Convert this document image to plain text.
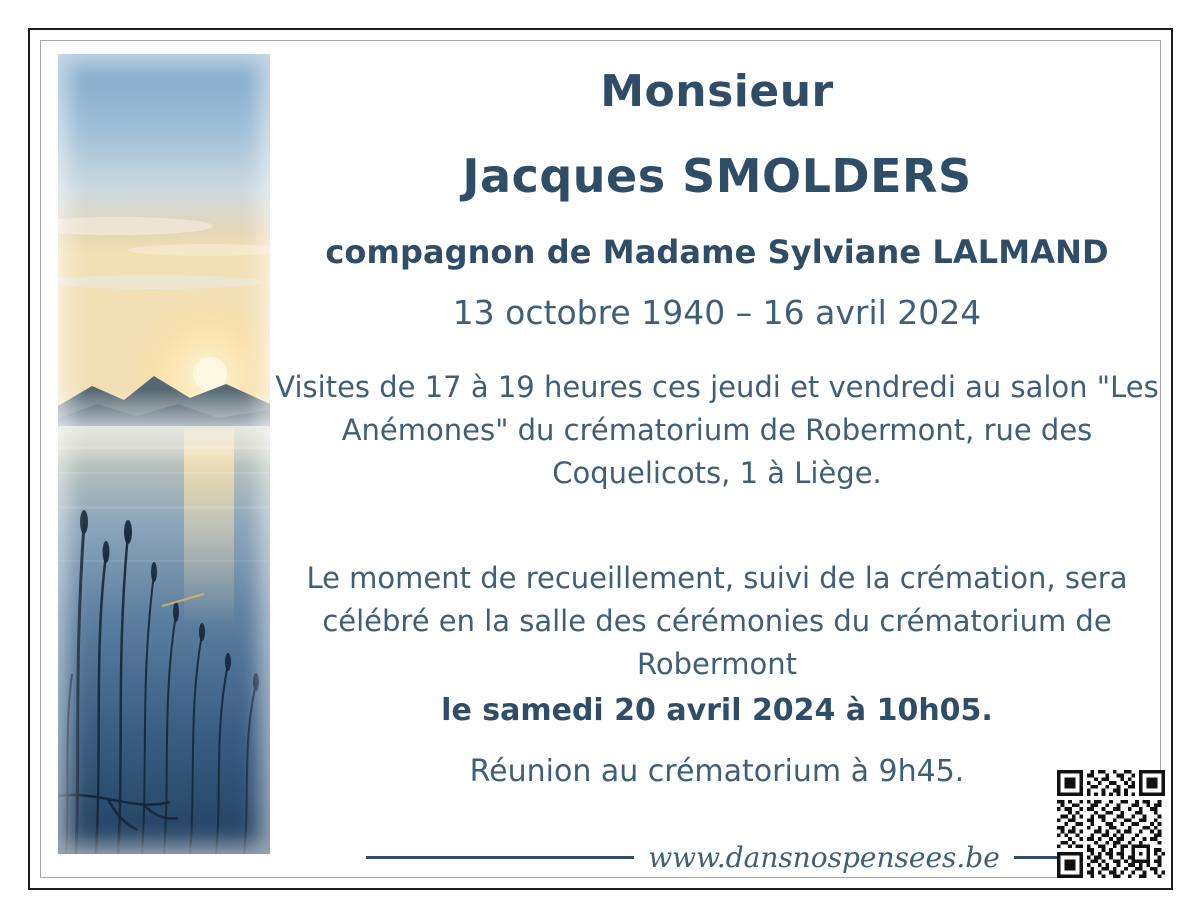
Monsieur
Jacques SMOLDERS
compagnon de Madame Sylviane LALMAND
13 octobre 1940 – 16 avril 2024
Visites de 17 à 19 heures ces jeudi et vendredi au salon "Les Anémones" du crématorium de Robermont, rue des Coquelicots, 1 à Liège.
Le moment de recueillement, suivi de la crémation, sera célébré en la salle des cérémonies du crématorium de Robermont
le samedi 20 avril 2024 à 10h05.
Réunion au crématorium à 9h45.
www.dansnospensees.be
